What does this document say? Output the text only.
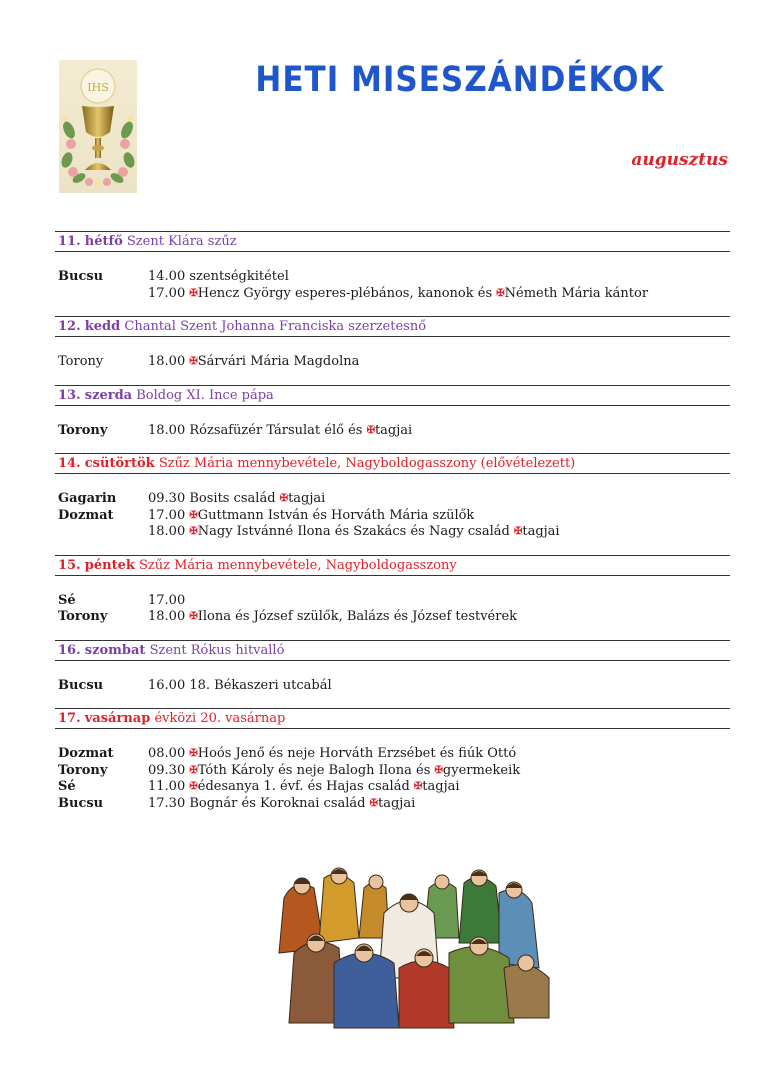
IHS	HETI MISESZÁNDÉKOK
augusztus
11. hétfő Szent Klára szűz
Bucsu	14.00 szentségkitétel
17.00 ✠Hencz György esperes-plébános, kanonok és ✠Németh Mária kántor
12. kedd Chantal Szent Johanna Franciska szerzetesnő
Torony	18.00 ✠Sárvári Mária Magdolna
13. szerda Boldog XI. Ince pápa
Torony	18.00 Rózsafüzér Társulat élő és ✠tagjai
14. csütörtök Szűz Mária mennybevétele, Nagyboldogasszony (elővételezett)
Gagarin	09.30 Bosits család ✠tagjai
Dozmat	17.00 ✠Guttmann István és Horváth Mária szülők
18.00 ✠Nagy Istvánné Ilona és Szakács és Nagy család ✠tagjai
15. péntek Szűz Mária mennybevétele, Nagyboldogasszony
Sé	17.00
Torony	18.00 ✠Ilona és József szülők, Balázs és József testvérek
16. szombat Szent Rókus hitvalló
Bucsu	16.00 18. Békaszeri utcabál
17. vasárnap évközi 20. vasárnap
Dozmat	08.00 ✠Hoós Jenő és neje Horváth Erzsébet és fiúk Ottó
Torony	09.30 ✠Tóth Károly és neje Balogh Ilona és ✠gyermekeik
Sé	11.00 ✠édesanya 1. évf. és Hajas család ✠tagjai
Bucsu	17.30 Bognár és Koroknai család ✠tagjai
